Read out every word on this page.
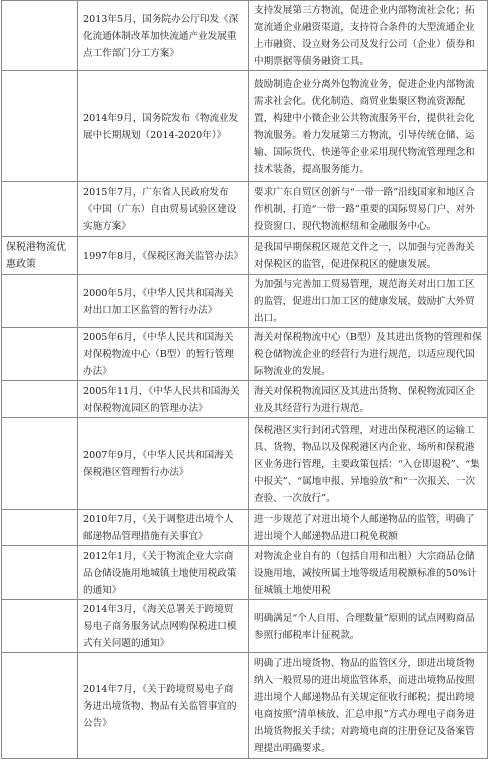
	2013年5月，国务院办公厅印发《深化流通体制改革加快流通产业发展重点工作部门分工方案》	支持发展第三方物流，促进企业内部物流社会化；拓宽流通企业融资渠道，支持符合条件的大型流通企业上市融资、设立财务公司及发行公司（企业）债券和中期票据等债务融资工具。
	2014年9月，国务院发布《物流业发展中长期规划（2014-2020年）》	鼓励制造企业分离外包物流业务，促进企业内部物流需求社会化。优化制造、商贸业集聚区物流资源配置，构建中小微企业公共物流服务平台，提供社会化物流服务。着力发展第三方物流，引导传统仓储、运输、国际货代、快递等企业采用现代物流管理理念和技术装备，提高服务能力。
	2015年7月，广东省人民政府发布《中国（广东）自由贸易试验区建设实施方案》	要求广东自贸区创新与“一带一路”沿线国家和地区合作机制，打造“一带一路”重要的国际贸易门户、对外投资窗口、现代物流枢纽和金融服务中心。

保税港物流优惠政策	1997年8月，《保税区海关监管办法》	是我国早期保税区规范文件之一，以加强与完善海关对保税区的监管，促进保税区的健康发展。
	2000年5月，《中华人民共和国海关对出口加工区监管的暂行办法》	为加强与完善加工贸易管理，规范海关对出口加工区的监管，促进出口加工区的健康发展，鼓励扩大外贸出口。
	2005年6月，《中华人民共和国海关对保税物流中心（B型）的暂行管理办法》	海关对保税物流中心（B型）及其进出货物的管理和保税仓储物流企业的经营行为进行规范，以适应现代国际物流业的发展。
	2005年11月，《中华人民共和国海关对保税物流园区的管理办法》	海关对保税物流园区及其进出货物、保税物流园区企业及其经营行为进行规范。
	2007年9月，《中华人民共和国海关保税港区管理暂行办法》	保税港区实行封闭式管理，对进出保税港区的运输工具、货物、物品以及保税港区内企业、场所和保税港区业务进行管理，主要政策包括：“入仓即退税”、“集中报关”、“属地申报、异地验放”和“一次报关、一次查验、一次放行”。
	2010年7月，《关于调整进出境个人邮递物品管理措施有关事宜》	进一步规范了对进出境个人邮递物品的监管，明确了进出境个人邮递物品进口税免税额
	2012年1月，《关于物流企业大宗商品仓储设施用地城镇土地使用税政策的通知》	对物流企业自有的（包括自用和出租）大宗商品仓储设施用地，减按所属土地等级适用税额标准的50%计征城镇土地使用税
	2014年3月，《海关总署关于跨境贸易电子商务服务试点网购保税进口模式有关问题的通知》	明确满足“个人自用、合理数量”原则的试点网购商品参照行邮税率计征税款。
	2014年7月，《关于跨境贸易电子商务进出境货物、物品有关监管事宜的公告》	明确了进出境货物、物品的监管区分，即进出境货物纳入一般贸易的进出境监管体系，而进出境物品按照进出境个人邮递物品有关规定征收行邮税；提出跨境电商按照“清单核放、汇总申报”方式办理电子商务进出境货物报关手续；对跨境电商的注册登记及备案管理提出明确要求。
